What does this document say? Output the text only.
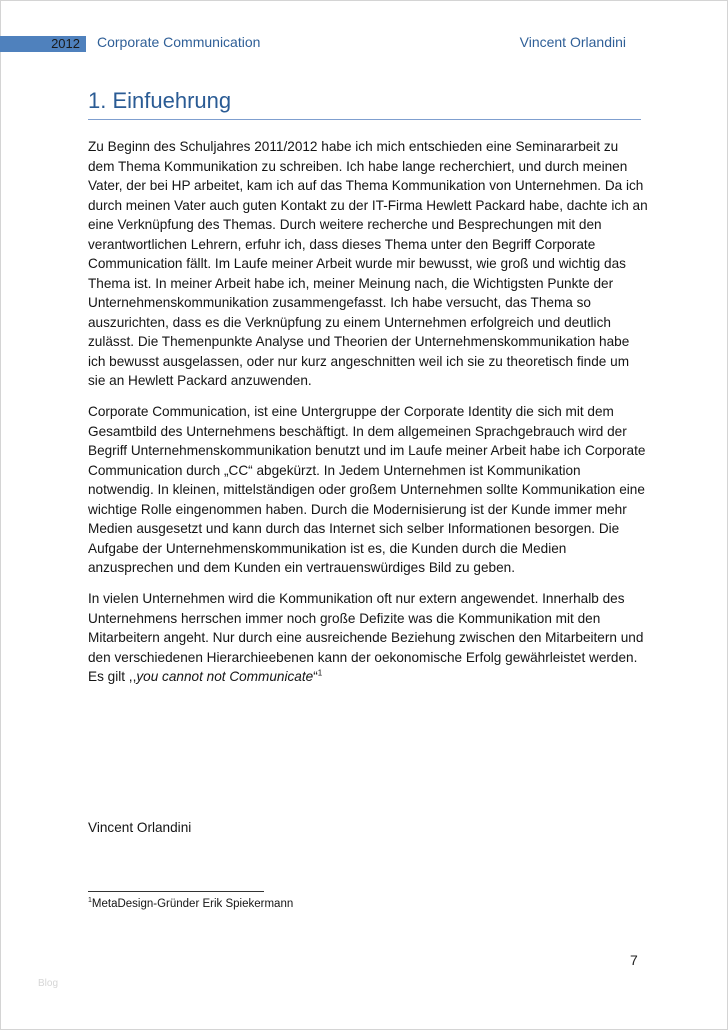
2012 Corporate Communication	Vincent Orlandini
1. Einfuehrung

Zu Beginn des Schuljahres 2011/2012 habe ich mich entschieden eine Seminararbeit zu dem Thema Kommunikation zu schreiben. Ich habe lange recherchiert, und durch meinen Vater, der bei HP arbeitet, kam ich auf das Thema Kommunikation von Unternehmen. Da ich durch meinen Vater auch guten Kontakt zu der IT-Firma Hewlett Packard habe, dachte ich an eine Verknüpfung des Themas. Durch weitere recherche und Besprechungen mit den verantwortlichen Lehrern, erfuhr ich, dass dieses Thema unter den Begriff Corporate Communication fällt. Im Laufe meiner Arbeit wurde mir bewusst, wie groß und wichtig das Thema ist. In meiner Arbeit habe ich, meiner Meinung nach, die Wichtigsten Punkte der Unternehmenskommunikation zusammengefasst. Ich habe versucht, das Thema so auszurichten, dass es die Verknüpfung zu einem Unternehmen erfolgreich und deutlich zulässt. Die Themenpunkte Analyse und Theorien der Unternehmenskommunikation habe ich bewusst ausgelassen, oder nur kurz angeschnitten weil ich sie zu theoretisch finde um sie an Hewlett Packard anzuwenden.

Corporate Communication, ist eine Untergruppe der Corporate Identity die sich mit dem Gesamtbild des Unternehmens beschäftigt. In dem allgemeinen Sprachgebrauch wird der Begriff Unternehmenskommunikation benutzt und im Laufe meiner Arbeit habe ich Corporate Communication durch „CC“ abgekürzt. In Jedem Unternehmen ist Kommunikation notwendig. In kleinen, mittelständigen oder großem Unternehmen sollte Kommunikation eine wichtige Rolle eingenommen haben. Durch die Modernisierung ist der Kunde immer mehr Medien ausgesetzt und kann durch das Internet sich selber Informationen besorgen. Die Aufgabe der Unternehmenskommunikation ist es, die Kunden durch die Medien anzusprechen und dem Kunden ein vertrauenswürdiges Bild zu geben.

In vielen Unternehmen wird die Kommunikation oft nur extern angewendet. Innerhalb des Unternehmens herrschen immer noch große Defizite was die Kommunikation mit den Mitarbeitern angeht. Nur durch eine ausreichende Beziehung zwischen den Mitarbeitern und den verschiedenen Hierarchieebenen kann der oekonomische Erfolg gewährleistet werden. Es gilt ,,you cannot not Communicate“$^1$

Vincent Orlandini
$^1$MetaDesign-Gründer Erik Spiekermann
7
Blog
